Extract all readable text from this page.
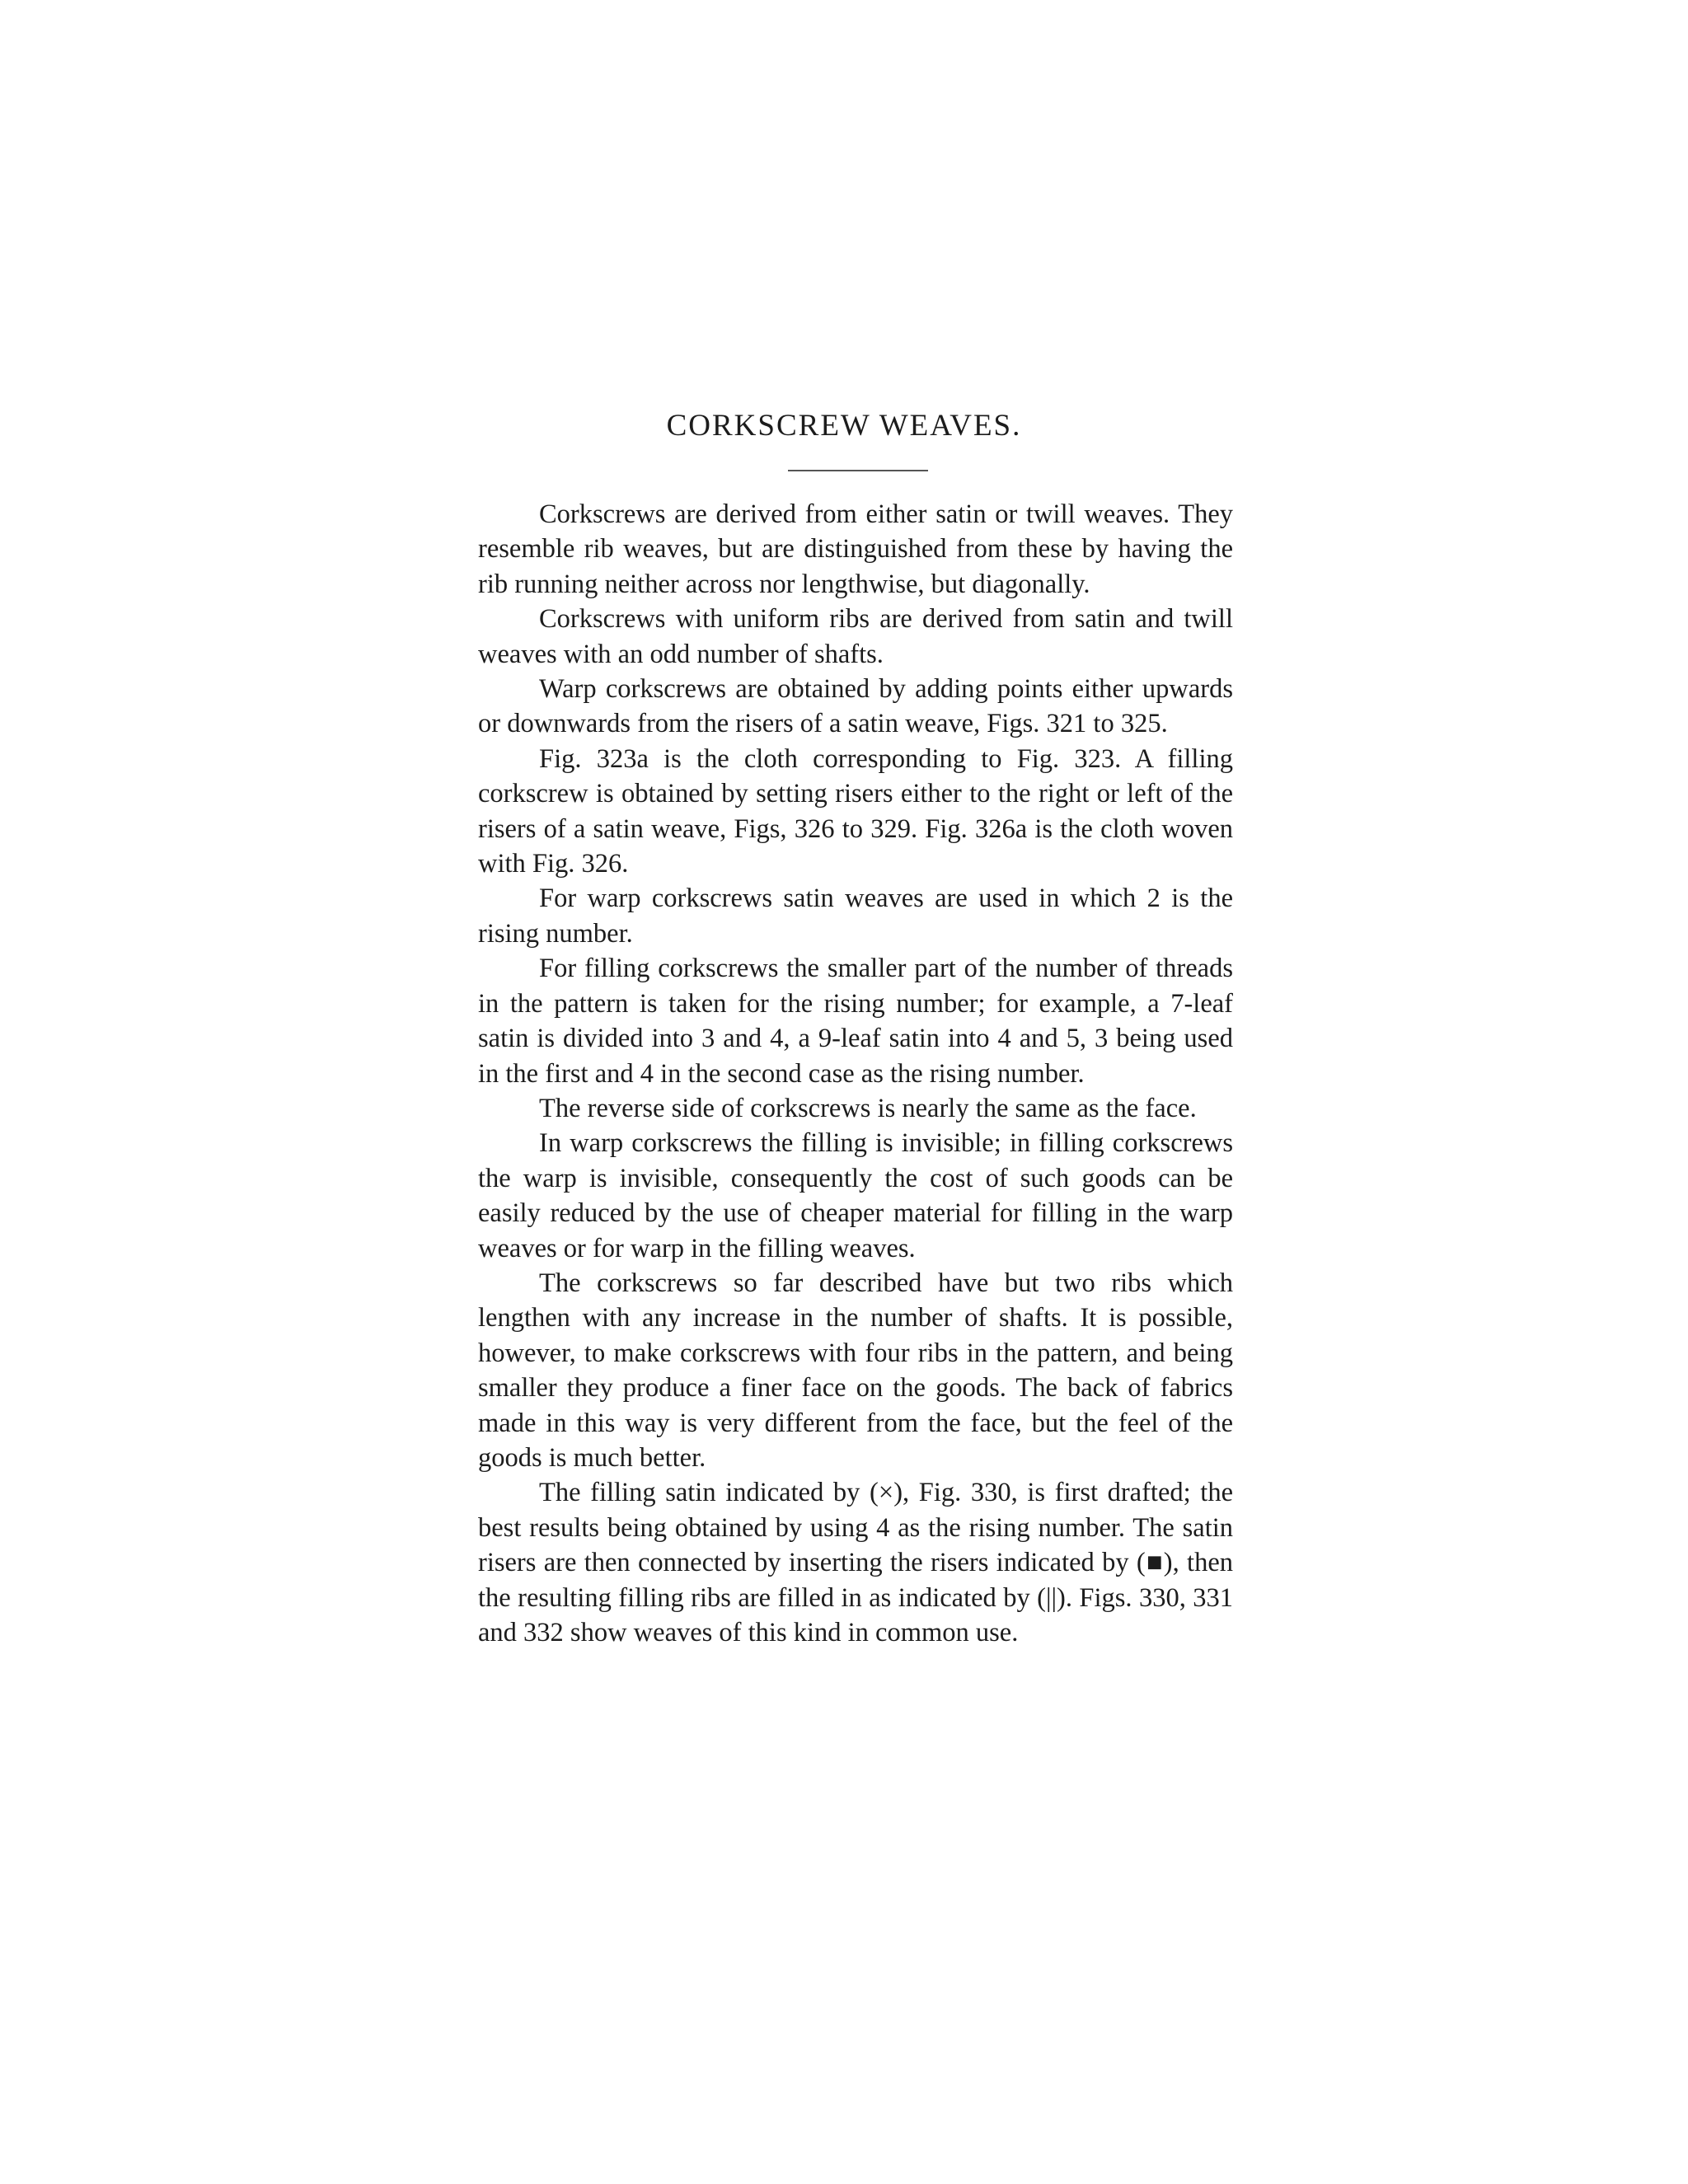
CORKSCREW WEAVES.

Corkscrews are derived from either satin or twill weaves. They resemble rib weaves, but are distinguished from these by having the rib running neither across nor lengthwise, but diagonally.

Corkscrews with uniform ribs are derived from satin and twill weaves with an odd number of shafts.

Warp corkscrews are obtained by adding points either upwards or downwards from the risers of a satin weave, Figs. 321 to 325.

Fig. 323a is the cloth corresponding to Fig. 323. A filling corkscrew is obtained by setting risers either to the right or left of the risers of a satin weave, Figs, 326 to 329. Fig. 326a is the cloth woven with Fig. 326.

For warp corkscrews satin weaves are used in which 2 is the rising number.

For filling corkscrews the smaller part of the number of threads in the pattern is taken for the rising number; for example, a 7-leaf satin is divided into 3 and 4, a 9-leaf satin into 4 and 5, 3 being used in the first and 4 in the second case as the rising number.

The reverse side of corkscrews is nearly the same as the face.

In warp corkscrews the filling is invisible; in filling corkscrews the warp is invisible, consequently the cost of such goods can be easily reduced by the use of cheaper material for filling in the warp weaves or for warp in the filling weaves.

The corkscrews so far described have but two ribs which lengthen with any increase in the number of shafts. It is possible, however, to make corkscrews with four ribs in the pattern, and being smaller they produce a finer face on the goods. The back of fabrics made in this way is very different from the face, but the feel of the goods is much better.

The filling satin indicated by (×), Fig. 330, is first drafted; the best results being obtained by using 4 as the rising number. The satin risers are then connected by inserting the risers indicated by (■), then the resulting filling ribs are filled in as indicated by (||). Figs. 330, 331 and 332 show weaves of this kind in common use.
